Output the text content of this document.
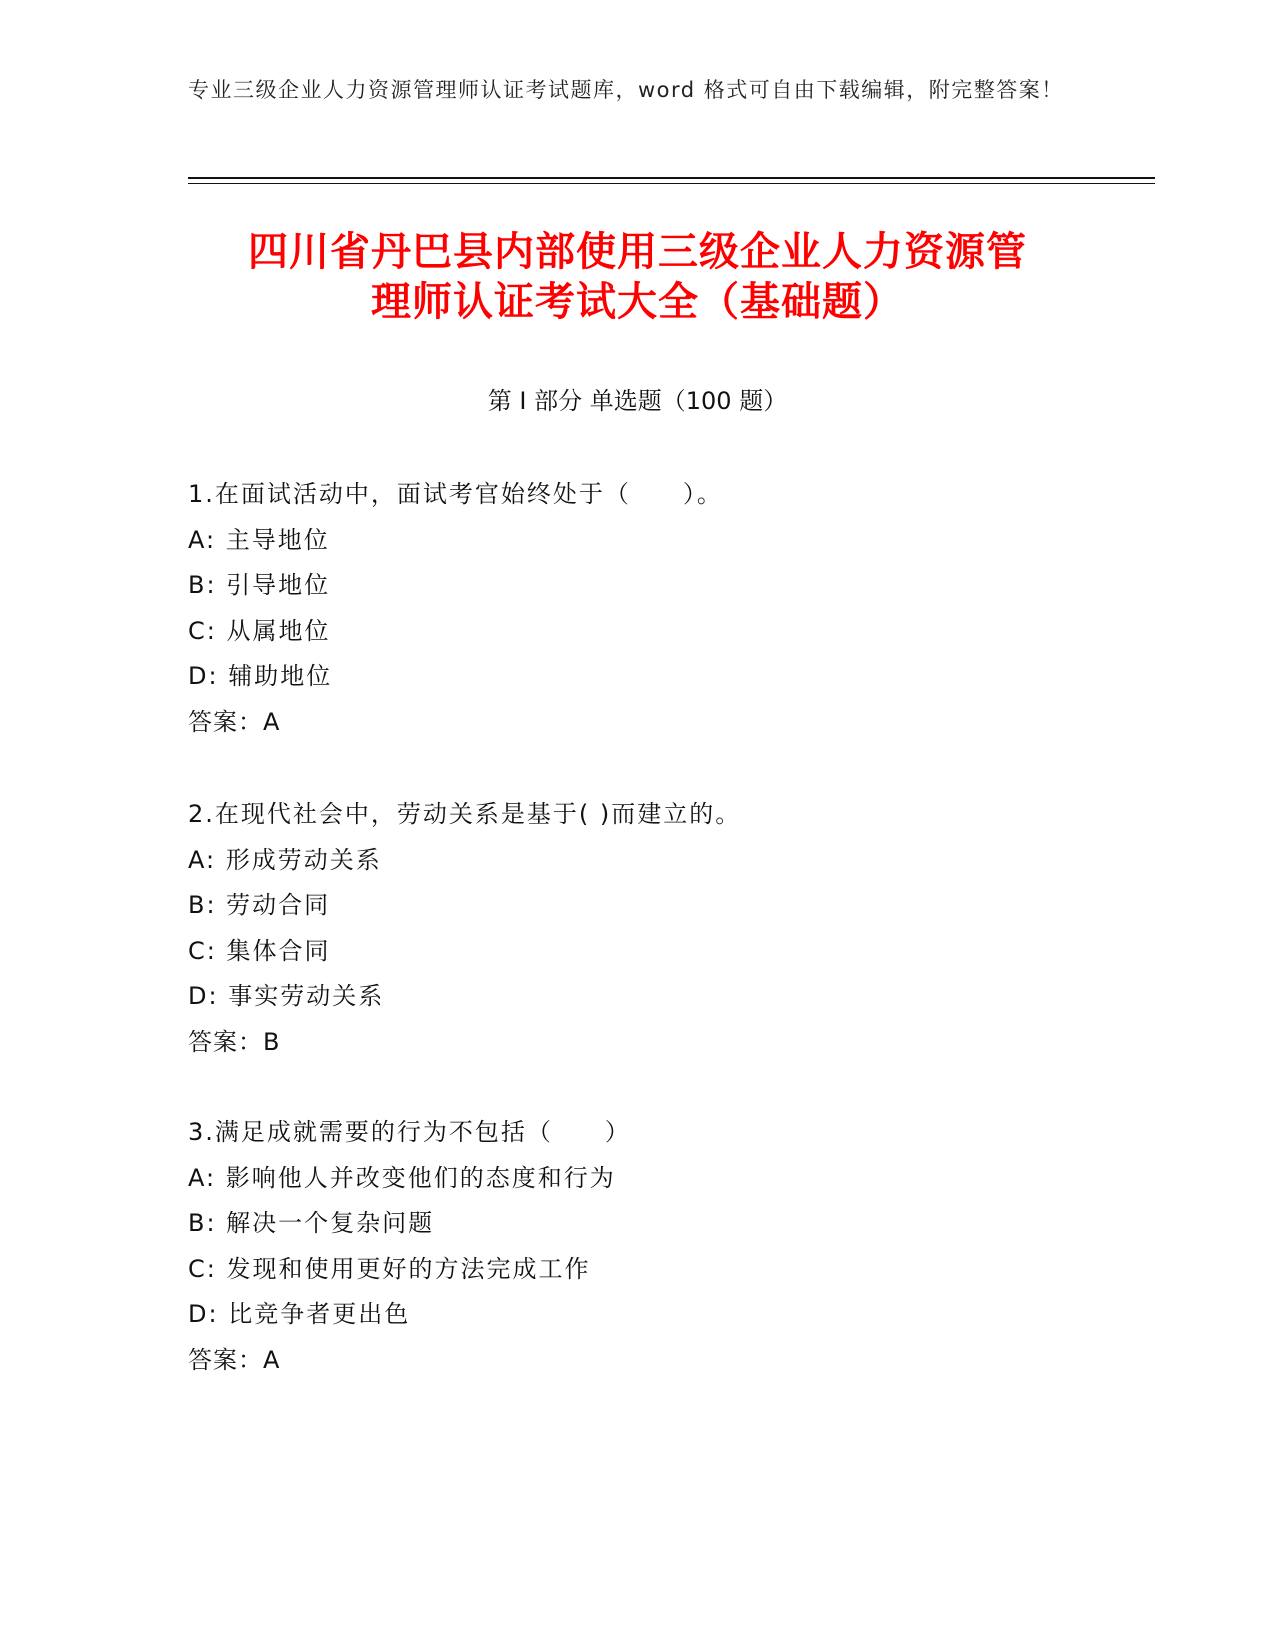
专业三级企业人力资源管理师认证考试题库，word 格式可自由下载编辑，附完整答案！
四川省丹巴县内部使用三级企业人力资源管
理师认证考试大全（基础题）
第 I 部分 单选题（100 题）
1.在面试活动中，面试考官始终处于（　　）。
A: 主导地位
B: 引导地位
C: 从属地位
D: 辅助地位
答案：A
2.在现代社会中，劳动关系是基于( )而建立的。
A: 形成劳动关系
B: 劳动合同
C: 集体合同
D: 事实劳动关系
答案：B
3.满足成就需要的行为不包括（　　）
A: 影响他人并改变他们的态度和行为
B: 解决一个复杂问题
C: 发现和使用更好的方法完成工作
D: 比竞争者更出色
答案：A
